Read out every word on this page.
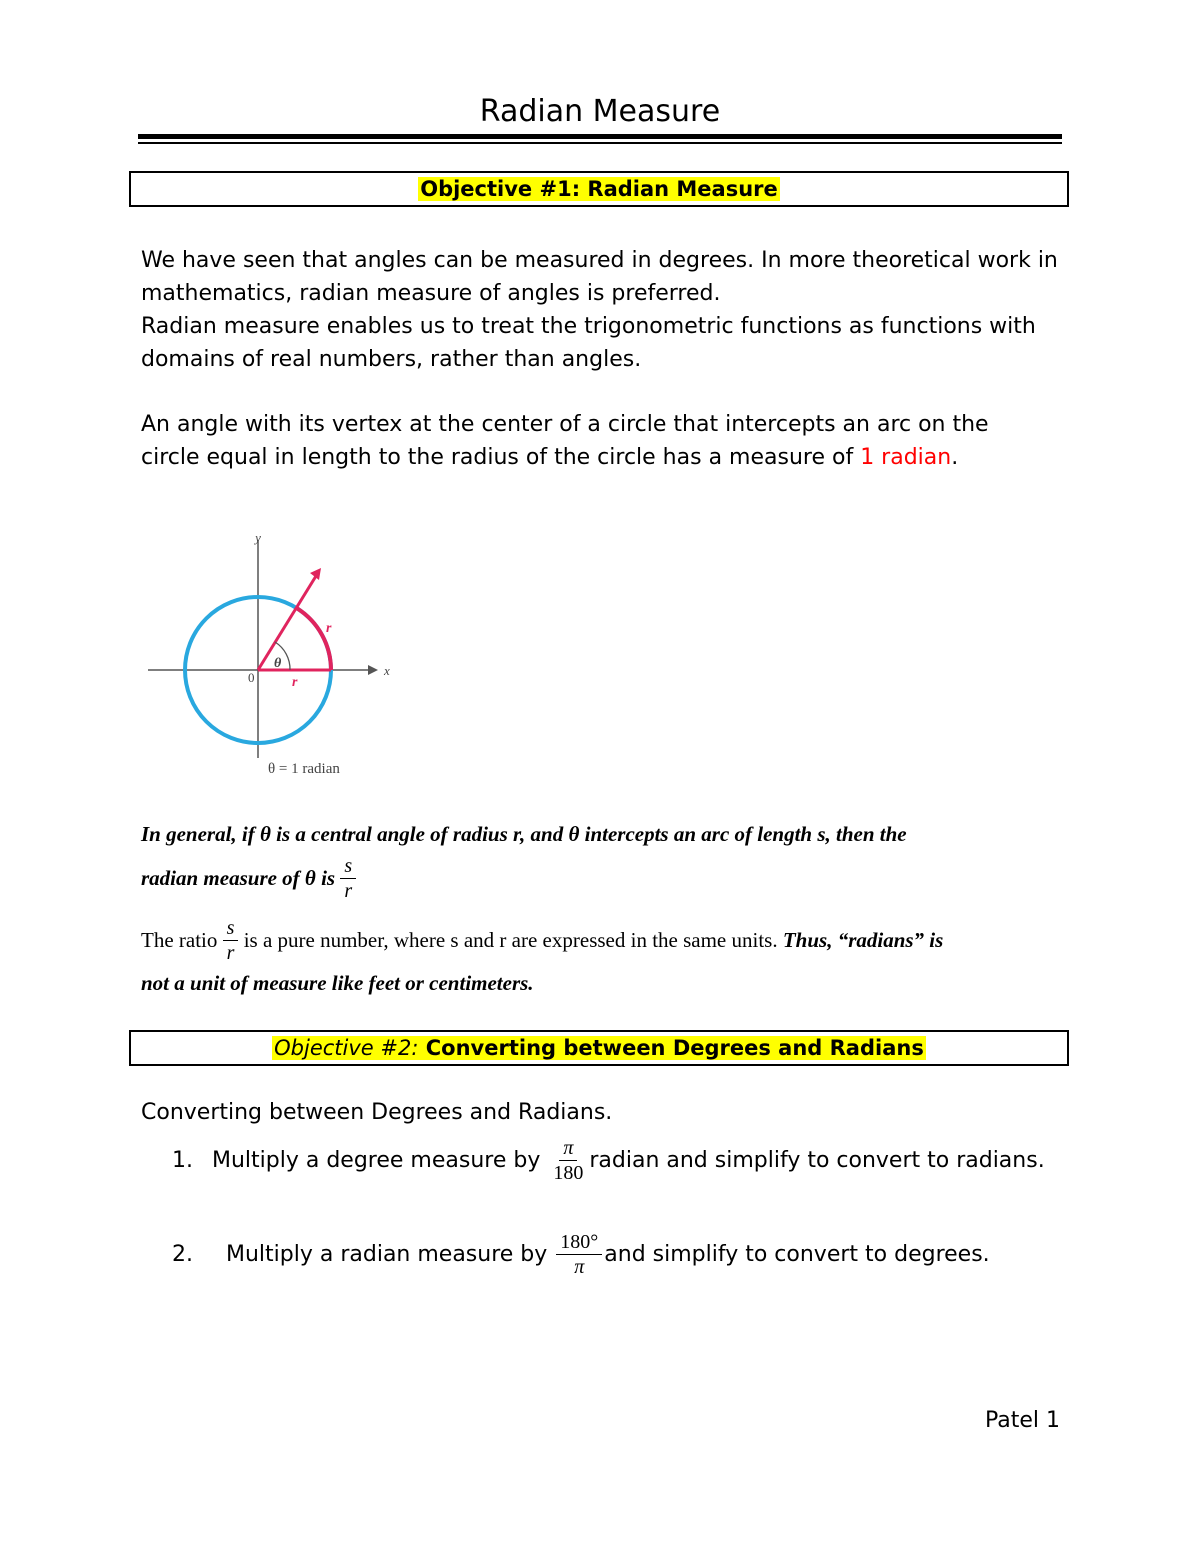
Radian Measure
Objective #1: Radian Measure
We have seen that angles can be measured in degrees. In more theoretical work in
mathematics, radian measure of angles is preferred.
Radian measure enables us to treat the trigonometric functions as functions with
domains of real numbers, rather than angles.
An angle with its vertex at the center of a circle that intercepts an arc on the
circle equal in length to the radius of the circle has a measure of 1 radian.
y
x
θ
r
r
0
θ = 1 radian
In general, if θ is a central angle of radius r, and θ intercepts an arc of length s, then the
radian measure of θ is $\frac{s}{r}$
The ratio $\frac{s}{r}$ is a pure number, where s and r are expressed in the same units. Thus, “radians” is
not a unit of measure like feet or centimeters.
Objective #2: Converting between Degrees and Radians
Converting between Degrees and Radians.
1. Multiply a degree measure by $\frac{\pi}{180}$ radian and simplify to convert to radians.
2.	Multiply a radian measure by $\frac{180^\circ}{\pi}$ and simplify to convert to degrees.
Patel 1
